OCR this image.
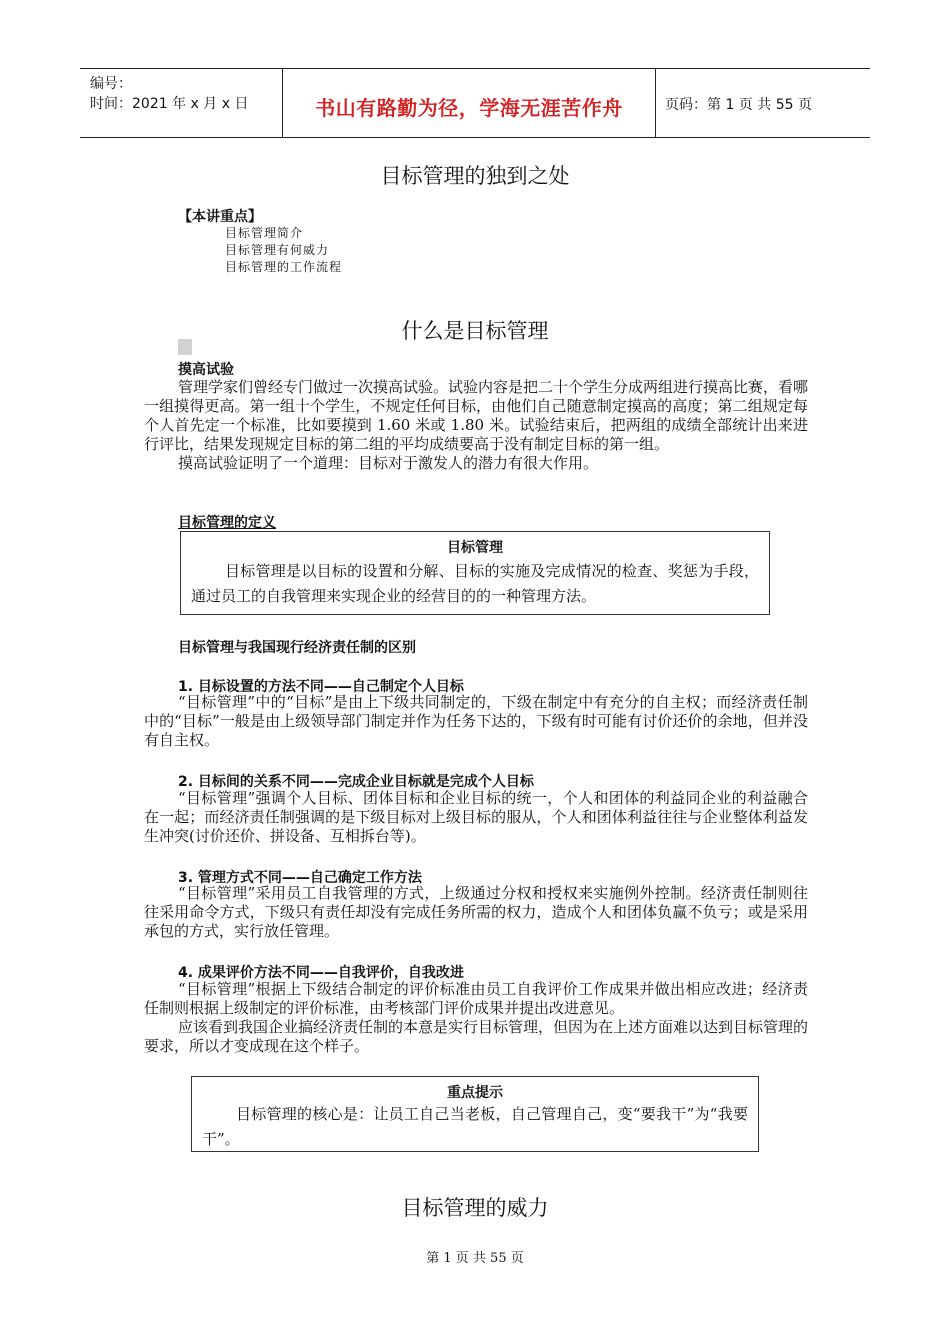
编号：
时间：2021 年 x 月 x 日	书山有路勤为径，学海无涯苦作舟	页码：第 1 页 共 55 页
目标管理的独到之处
【本讲重点】
目标管理简介
目标管理有何威力
目标管理的工作流程
什么是目标管理
摸高试验

管理学家们曾经专门做过一次摸高试验。试验内容是把二十个学生分成两组进行摸高比赛，看哪一组摸得更高。第一组十个学生，不规定任何目标，由他们自己随意制定摸高的高度；第二组规定每个人首先定一个标准，比如要摸到 1.60 米或 1.80 米。试验结束后，把两组的成绩全部统计出来进行评比，结果发现规定目标的第二组的平均成绩要高于没有制定目标的第一组。

摸高试验证明了一个道理：目标对于激发人的潜力有很大作用。

目标管理的定义
目标管理
目标管理是以目标的设置和分解、目标的实施及完成情况的检查、奖惩为手段，通过员工的自我管理来实现企业的经营目的的一种管理方法。
目标管理与我国现行经济责任制的区别
1. 目标设置的方法不同——自己制定个人目标

“目标管理”中的“目标”是由上下级共同制定的，下级在制定中有充分的自主权；而经济责任制中的“目标”一般是由上级领导部门制定并作为任务下达的，下级有时可能有讨价还价的余地，但并没有自主权。

2. 目标间的关系不同——完成企业目标就是完成个人目标

“目标管理”强调个人目标、团体目标和企业目标的统一，个人和团体的利益同企业的利益融合在一起；而经济责任制强调的是下级目标对上级目标的服从，个人和团体利益往往与企业整体利益发生冲突(讨价还价、拼设备、互相拆台等)。

3. 管理方式不同——自己确定工作方法

“目标管理”采用员工自我管理的方式，上级通过分权和授权来实施例外控制。经济责任制则往往采用命令方式，下级只有责任却没有完成任务所需的权力，造成个人和团体负赢不负亏；或是采用承包的方式，实行放任管理。

4. 成果评价方法不同——自我评价，自我改进

“目标管理”根据上下级结合制定的评价标准由员工自我评价工作成果并做出相应改进；经济责任制则根据上级制定的评价标准，由考核部门评价成果并提出改进意见。

应该看到我国企业搞经济责任制的本意是实行目标管理，但因为在上述方面难以达到目标管理的要求，所以才变成现在这个样子。

重点提示
目标管理的核心是：让员工自己当老板，自己管理自己，变“要我干”为“我要干”。
目标管理的威力
第 1 页 共 55 页
